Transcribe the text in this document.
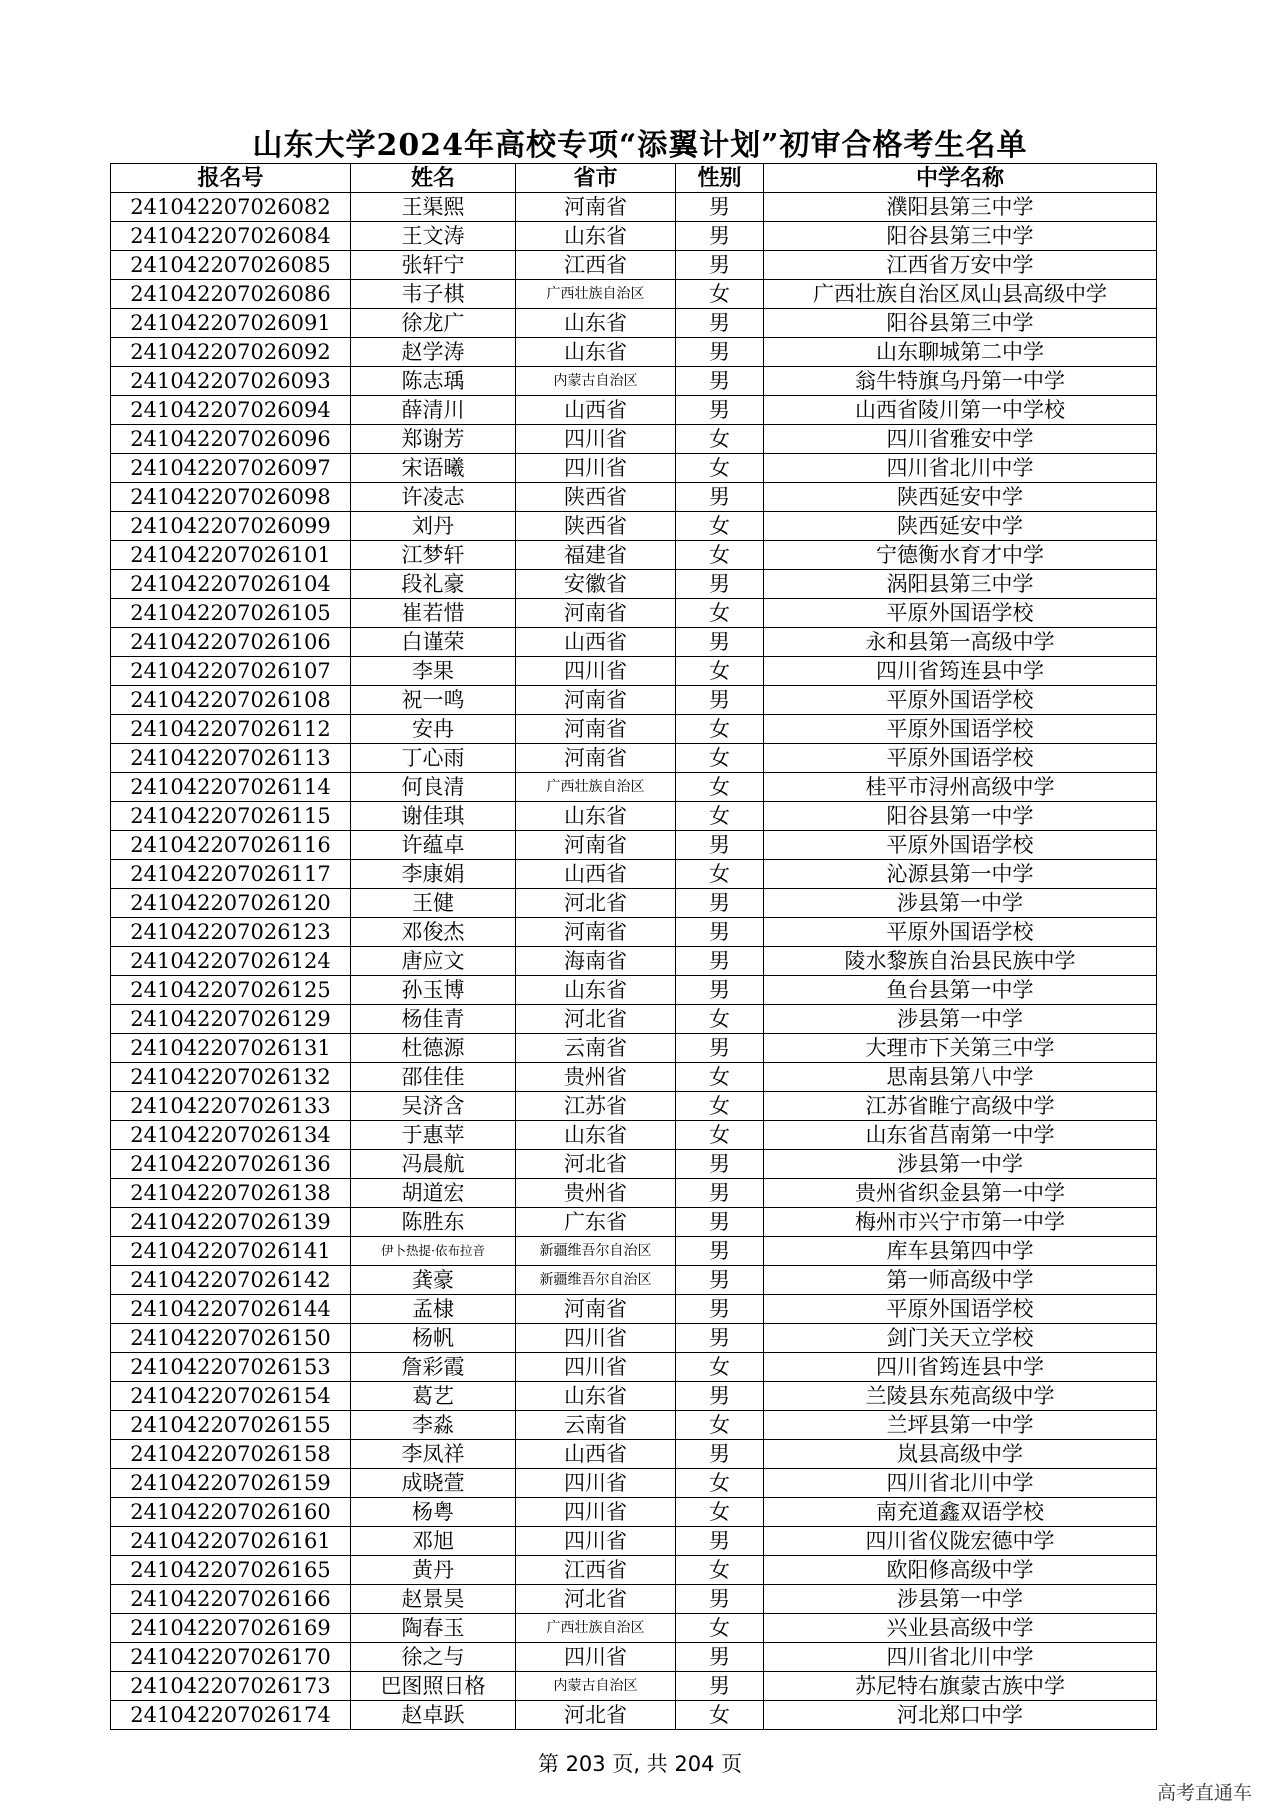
山东大学2024年高校专项“添翼计划”初审合格考生名单
报名号	姓名	省市	性别	中学名称
241042207026082	王渠熙	河南省	男	濮阳县第三中学
241042207026084	王文涛	山东省	男	阳谷县第三中学
241042207026085	张轩宁	江西省	男	江西省万安中学
241042207026086	韦子棋	广西壮族自治区	女	广西壮族自治区凤山县高级中学
241042207026091	徐龙广	山东省	男	阳谷县第三中学
241042207026092	赵学涛	山东省	男	山东聊城第二中学
241042207026093	陈志瑀	内蒙古自治区	男	翁牛特旗乌丹第一中学
241042207026094	薛清川	山西省	男	山西省陵川第一中学校
241042207026096	郑谢芳	四川省	女	四川省雅安中学
241042207026097	宋语曦	四川省	女	四川省北川中学
241042207026098	许凌志	陕西省	男	陕西延安中学
241042207026099	刘丹	陕西省	女	陕西延安中学
241042207026101	江梦轩	福建省	女	宁德衡水育才中学
241042207026104	段礼豪	安徽省	男	涡阳县第三中学
241042207026105	崔若惜	河南省	女	平原外国语学校
241042207026106	白谨荣	山西省	男	永和县第一高级中学
241042207026107	李果	四川省	女	四川省筠连县中学
241042207026108	祝一鸣	河南省	男	平原外国语学校
241042207026112	安冉	河南省	女	平原外国语学校
241042207026113	丁心雨	河南省	女	平原外国语学校
241042207026114	何良清	广西壮族自治区	女	桂平市浔州高级中学
241042207026115	谢佳琪	山东省	女	阳谷县第一中学
241042207026116	许蕴卓	河南省	男	平原外国语学校
241042207026117	李康娟	山西省	女	沁源县第一中学
241042207026120	王健	河北省	男	涉县第一中学
241042207026123	邓俊杰	河南省	男	平原外国语学校
241042207026124	唐应文	海南省	男	陵水黎族自治县民族中学
241042207026125	孙玉博	山东省	男	鱼台县第一中学
241042207026129	杨佳青	河北省	女	涉县第一中学
241042207026131	杜德源	云南省	男	大理市下关第三中学
241042207026132	邵佳佳	贵州省	女	思南县第八中学
241042207026133	吴济含	江苏省	女	江苏省睢宁高级中学
241042207026134	于惠苹	山东省	女	山东省莒南第一中学
241042207026136	冯晨航	河北省	男	涉县第一中学
241042207026138	胡道宏	贵州省	男	贵州省织金县第一中学
241042207026139	陈胜东	广东省	男	梅州市兴宁市第一中学
241042207026141	伊卜热提·依布拉音	新疆维吾尔自治区	男	库车县第四中学
241042207026142	龚豪	新疆维吾尔自治区	男	第一师高级中学
241042207026144	孟棣	河南省	男	平原外国语学校
241042207026150	杨帆	四川省	男	剑门关天立学校
241042207026153	詹彩霞	四川省	女	四川省筠连县中学
241042207026154	葛艺	山东省	男	兰陵县东苑高级中学
241042207026155	李淼	云南省	女	兰坪县第一中学
241042207026158	李凤祥	山西省	男	岚县高级中学
241042207026159	成晓萱	四川省	女	四川省北川中学
241042207026160	杨粤	四川省	女	南充道鑫双语学校
241042207026161	邓旭	四川省	男	四川省仪陇宏德中学
241042207026165	黄丹	江西省	女	欧阳修高级中学
241042207026166	赵景昊	河北省	男	涉县第一中学
241042207026169	陶春玉	广西壮族自治区	女	兴业县高级中学
241042207026170	徐之与	四川省	男	四川省北川中学
241042207026173	巴图照日格	内蒙古自治区	男	苏尼特右旗蒙古族中学
241042207026174	赵卓跃	河北省	女	河北郑口中学
第 203 页, 共 204 页
高考直通车
